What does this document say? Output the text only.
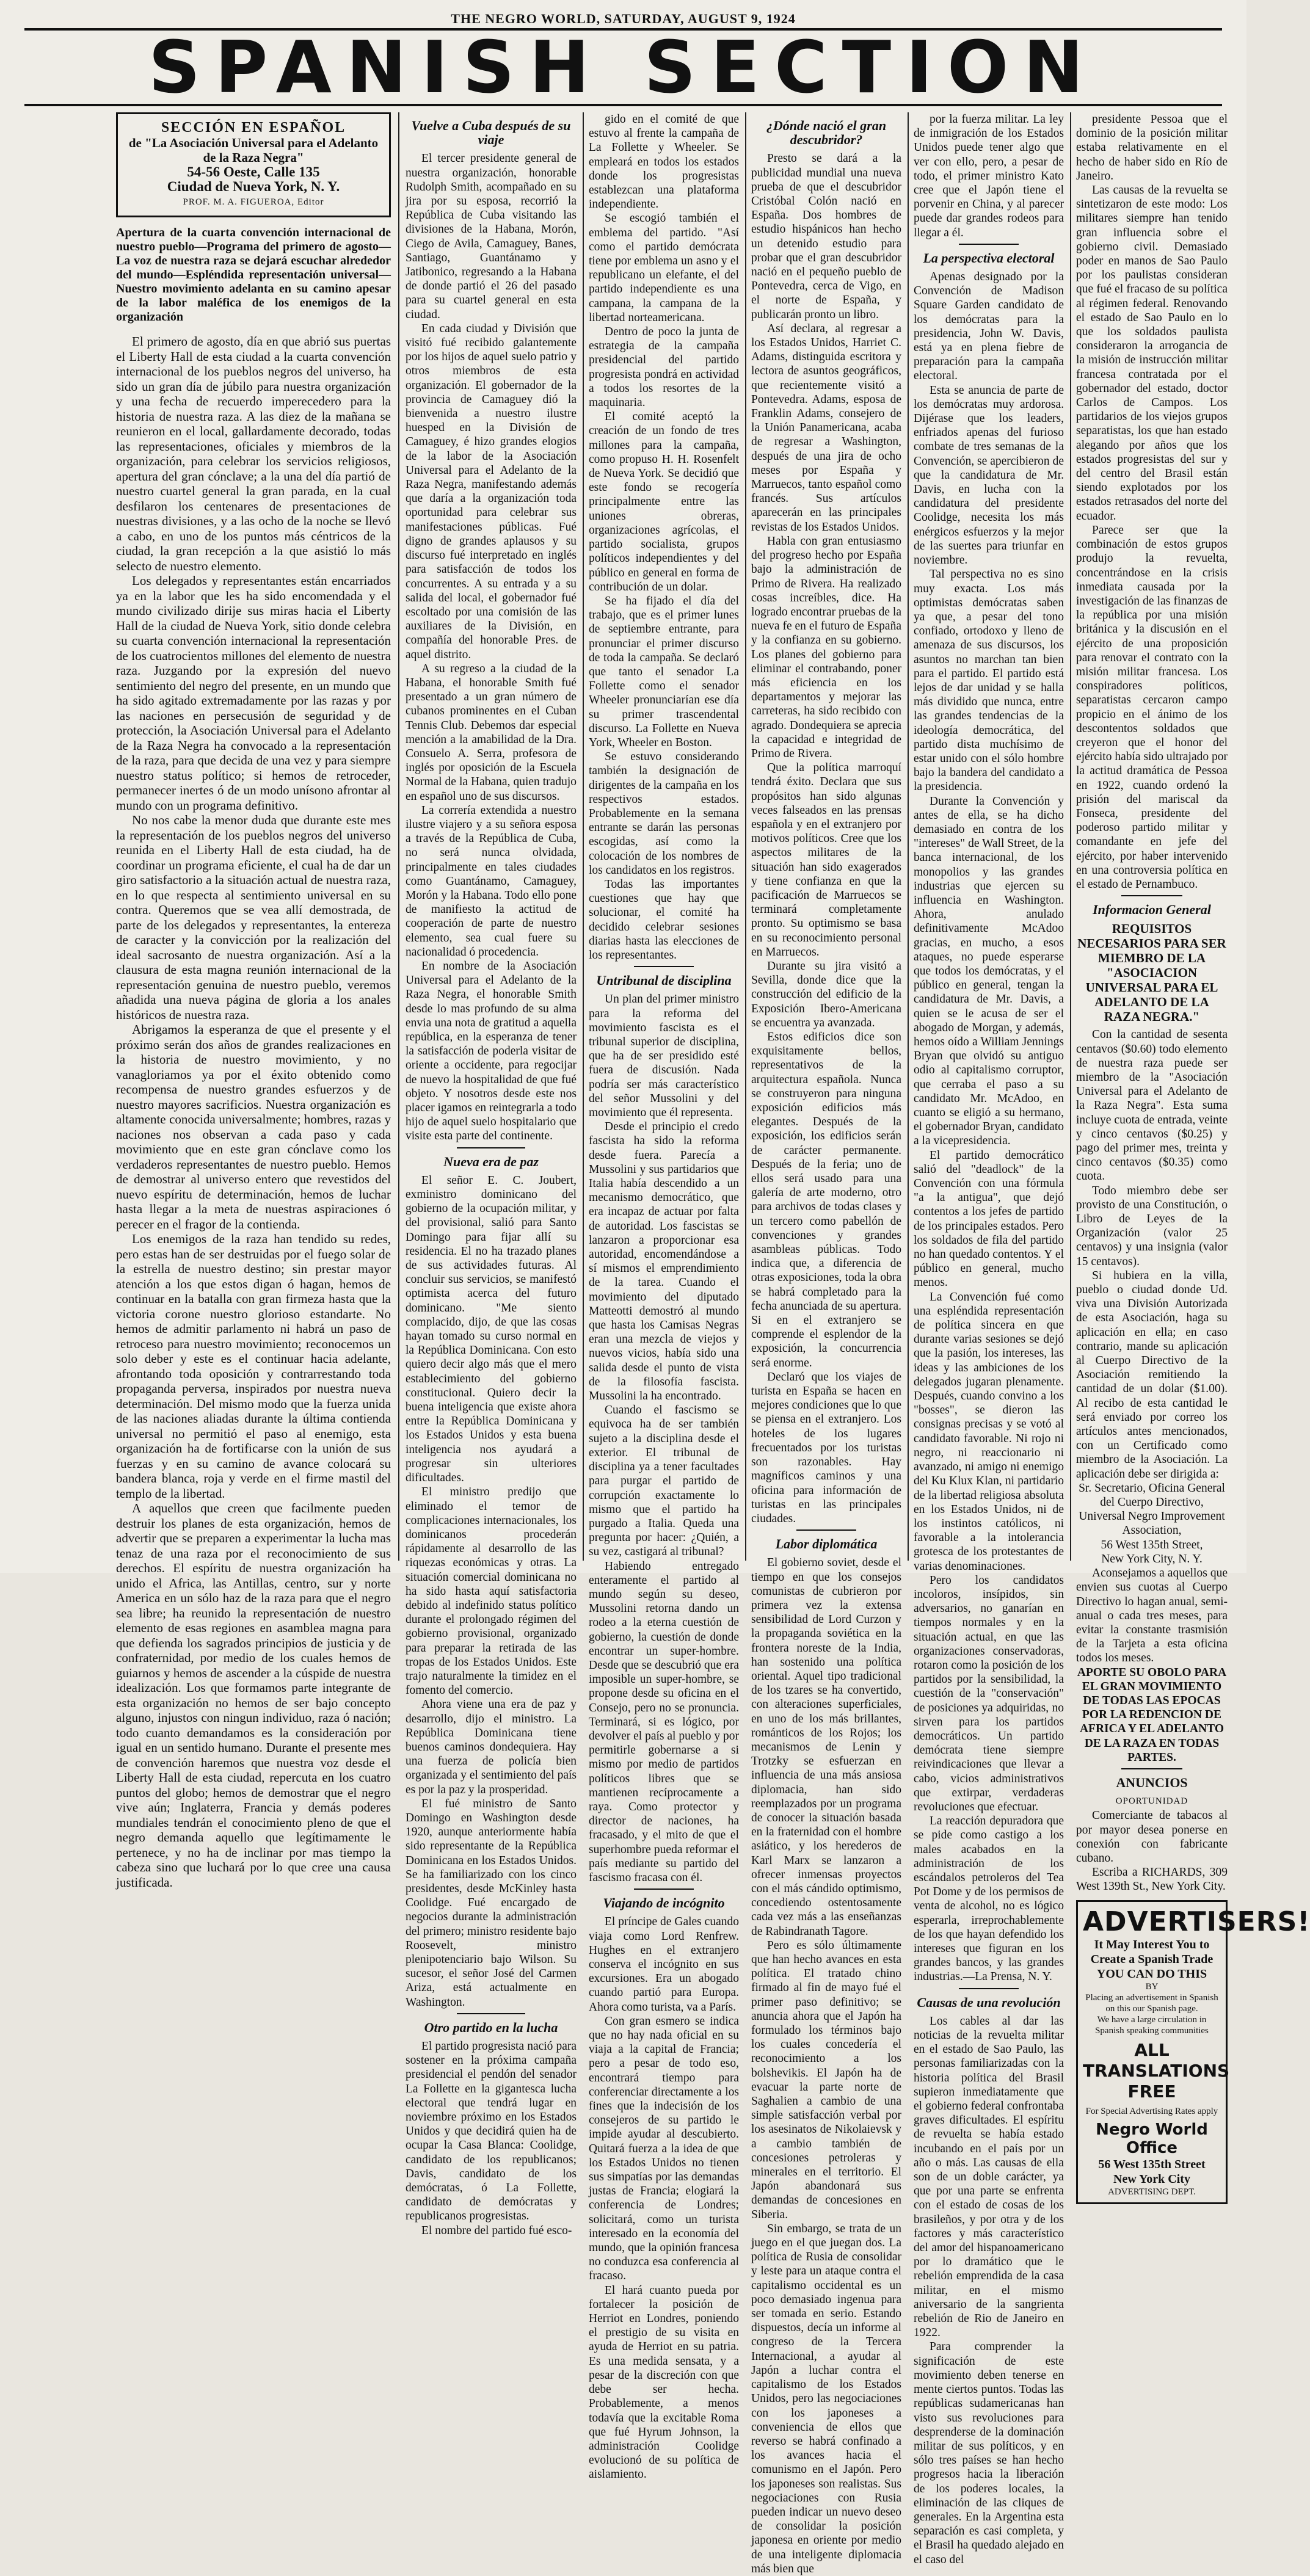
THE NEGRO WORLD, SATURDAY, AUGUST 9, 1924
SPANISH SECTION
SECCIÓN EN ESPAÑOL
de "La Asociación Universal para el Adelanto de la Raza Negra"
54-56 Oeste, Calle 135
Ciudad de Nueva York, N. Y.
PROF. M. A. FIGUEROA, Editor
Apertura de la cuarta convención internacional de nuestro pueblo—Programa del primero de agosto—La voz de nuestra raza se dejará escuchar alrededor del mundo—Espléndida representación universal—Nuestro movimiento adelanta en su camino apesar de la labor maléfica de los enemigos de la organización

El primero de agosto, día en que abrió sus puertas el Liberty Hall de esta ciudad a la cuarta convención internacional de los pueblos negros del universo, ha sido un gran día de júbilo para nuestra organización y una fecha de recuerdo imperecedero para la historia de nuestra raza. A las diez de la mañana se reunieron en el local, gallardamente decorado, todas las representaciones, oficiales y miembros de la organización, para celebrar los servicios religiosos, apertura del gran cónclave; a la una del día partió de nuestro cuartel general la gran parada, en la cual desfilaron los centenares de presentaciones de nuestras divisiones, y a las ocho de la noche se llevó a cabo, en uno de los puntos más céntricos de la ciudad, la gran recepción a la que asistió lo más selecto de nuestro elemento.

Los delegados y representantes están encarriados ya en la labor que les ha sido encomendada y el mundo civilizado dirije sus miras hacia el Liberty Hall de la ciudad de Nueva York, sitio donde celebra su cuarta convención internacional la representación de los cuatrocientos millones del elemento de nuestra raza. Juzgando por la expresión del nuevo sentimiento del negro del presente, en un mundo que ha sido agitado extremadamente por las razas y por las naciones en persecusión de seguridad y de protección, la Asociación Universal para el Adelanto de la Raza Negra ha convocado a la representación de la raza, para que decida de una vez y para siempre nuestro status político; si hemos de retroceder, permanecer inertes ó de un modo unísono afrontar al mundo con un programa definitivo.

No nos cabe la menor duda que durante este mes la representación de los pueblos negros del universo reunida en el Liberty Hall de esta ciudad, ha de coordinar un programa eficiente, el cual ha de dar un giro satisfactorio a la situación actual de nuestra raza, en lo que respecta al sentimiento universal en su contra. Queremos que se vea allí demostrada, de parte de los delegados y representantes, la entereza de caracter y la convicción por la realización del ideal sacrosanto de nuestra organización. Así a la clausura de esta magna reunión internacional de la representación genuina de nuestro pueblo, veremos añadida una nueva página de gloria a los anales históricos de nuestra raza.

Abrigamos la esperanza de que el presente y el próximo serán dos años de grandes realizaciones en la historia de nuestro movimiento, y no vanagloriamos ya por el éxito obtenido como recompensa de nuestro grandes esfuerzos y de nuestro mayores sacrificios. Nuestra organización es altamente conocida universalmente; hombres, razas y naciones nos observan a cada paso y cada movimiento que en este gran cónclave como los verdaderos representantes de nuestro pueblo. Hemos de demostrar al universo entero que revestidos del nuevo espíritu de determinación, hemos de luchar hasta llegar a la meta de nuestras aspiraciones ó perecer en el fragor de la contienda.

Los enemigos de la raza han tendido su redes, pero estas han de ser destruidas por el fuego solar de la estrella de nuestro destino; sin prestar mayor atención a los que estos digan ó hagan, hemos de continuar en la batalla con gran firmeza hasta que la victoria corone nuestro glorioso estandarte. No hemos de admitir parlamento ni habrá un paso de retroceso para nuestro movimiento; reconocemos un solo deber y este es el continuar hacia adelante, afrontando toda oposición y contrarrestando toda propaganda perversa, inspirados por nuestra nueva determinación. Del mismo modo que la fuerza unida de las naciones aliadas durante la última contienda universal no permitió el paso al enemigo, esta organización ha de fortificarse con la unión de sus fuerzas y en su camino de avance colocará su bandera blanca, roja y verde en el firme mastil del templo de la libertad.

A aquellos que creen que facilmente pueden destruir los planes de esta organización, hemos de advertir que se preparen a experimentar la lucha mas tenaz de una raza por el reconocimiento de sus derechos. El espíritu de nuestra organización ha unido el Africa, las Antillas, centro, sur y norte America en un sólo haz de la raza para que el negro sea libre; ha reunido la representación de nuestro elemento de esas regiones en asamblea magna para que defienda los sagrados principios de justicia y de confraternidad, por medio de los cuales hemos de guiarnos y hemos de ascender a la cúspide de nuestra idealización. Los que formamos parte integrante de esta organización no hemos de ser bajo concepto alguno, injustos con ningun individuo, raza ó nación; todo cuanto demandamos es la consideración por igual en un sentido humano. Durante el presente mes de convención haremos que nuestra voz desde el Liberty Hall de esta ciudad, repercuta en los cuatro puntos del globo; hemos de demostrar que el negro vive aún; Inglaterra, Francia y demás poderes mundiales tendrán el conocimiento pleno de que el negro demanda aquello que legítimamente le pertenece, y no ha de inclinar por mas tiempo la cabeza sino que luchará por lo que cree una causa justificada.

Vuelve a Cuba después de su viaje

El tercer presidente general de nuestra organización, honorable Rudolph Smith, acompañado en su jira por su esposa, recorrió la República de Cuba visitando las divisiones de la Habana, Morón, Ciego de Avila, Camaguey, Banes, Santiago, Guantánamo y Jatibonico, regresando a la Habana de donde partió el 26 del pasado para su cuartel general en esta ciudad.

En cada ciudad y División que visitó fué recibido galantemente por los hijos de aquel suelo patrio y otros miembros de esta organización. El gobernador de la provincia de Camaguey dió la bienvenida a nuestro ilustre huesped en la División de Camaguey, é hizo grandes elogios de la labor de la Asociación Universal para el Adelanto de la Raza Negra, manifestando además que daría a la organización toda oportunidad para celebrar sus manifestaciones públicas. Fué digno de grandes aplausos y su discurso fué interpretado en inglés para satisfacción de todos los concurrentes. A su entrada y a su salida del local, el gobernador fué escoltado por una comisión de las auxiliares de la División, en compañía del honorable Pres. de aquel distrito.

A su regreso a la ciudad de la Habana, el honorable Smith fué presentado a un gran número de cubanos prominentes en el Cuban Tennis Club. Debemos dar especial mención a la amabilidad de la Dra. Consuelo A. Serra, profesora de inglés por oposición de la Escuela Normal de la Habana, quien tradujo en español uno de sus discursos.

La correría extendida a nuestro ilustre viajero y a su señora esposa a través de la República de Cuba, no será nunca olvidada, principalmente en tales ciudades como Guantánamo, Camaguey, Morón y la Habana. Todo ello pone de manifiesto la actitud de cooperación de parte de nuestro elemento, sea cual fuere su nacionalidad ó procedencia.

En nombre de la Asociación Universal para el Adelanto de la Raza Negra, el honorable Smith desde lo mas profundo de su alma envia una nota de gratitud a aquella república, en la esperanza de tener la satisfacción de poderla visitar de oriente a occidente, para regocijar de nuevo la hospitalidad de que fué objeto. Y nosotros desde este nos placer igamos en reintegrarla a todo hijo de aquel suelo hospitalario que visite esta parte del continente.

Nueva era de paz

El señor E. C. Joubert, exministro dominicano del gobierno de la ocupación militar, y del provisional, salió para Santo Domingo para fijar allí su residencia. El no ha trazado planes de sus actividades futuras. Al concluir sus servicios, se manifestó optimista acerca del futuro dominicano. "Me siento complacido, dijo, de que las cosas hayan tomado su curso normal en la República Dominicana. Con esto quiero decir algo más que el mero establecimiento del gobierno constitucional. Quiero decir la buena inteligencia que existe ahora entre la República Dominicana y los Estados Unidos y esta buena inteligencia nos ayudará a progresar sin ulteriores dificultades.

El ministro predijo que eliminado el temor de complicaciones internacionales, los dominicanos procederán rápidamente al desarrollo de las riquezas económicas y otras. La situación comercial dominicana no ha sido hasta aquí satisfactoria debido al indefinido status político durante el prolongado régimen del gobierno provisional, organizado para preparar la retirada de las tropas de los Estados Unidos. Este trajo naturalmente la timidez en el fomento del comercio.

Ahora viene una era de paz y desarrollo, dijo el ministro. La República Dominicana tiene buenos caminos dondequiera. Hay una fuerza de policía bien organizada y el sentimiento del país es por la paz y la prosperidad.

El fué ministro de Santo Domingo en Washington desde 1920, aunque anteriormente había sido representante de la República Dominicana en los Estados Unidos. Se ha familiarizado con los cinco presidentes, desde McKinley hasta Coolidge. Fué encargado de negocios durante la administración del primero; ministro residente bajo Roosevelt, ministro plenipotenciario bajo Wilson. Su sucesor, el señor José del Carmen Ariza, está actualmente en Washington.

Otro partido en la lucha

El partido progresista nació para sostener en la próxima campaña presidencial el pendón del senador La Follette en la gigantesca lucha electoral que tendrá lugar en noviembre próximo en los Estados Unidos y que decidirá quien ha de ocupar la Casa Blanca: Coolidge, candidato de los republicanos; Davis, candidato de los demócratas, ó La Follette, candidato de demócratas y republicanos progresistas.

El nombre del partido fué esco-

gido en el comité de que estuvo al frente la campaña de La Follette y Wheeler. Se empleará en todos los estados donde los progresistas establezcan una plataforma independiente.

Se escogió también el emblema del partido. "Así como el partido demócrata tiene por emblema un asno y el republicano un elefante, el del partido independiente es una campana, la campana de la libertad norteamericana.

Dentro de poco la junta de estrategia de la campaña presidencial del partido progresista pondrá en actividad a todos los resortes de la maquinaria.

El comité aceptó la creación de un fondo de tres millones para la campaña, como propuso H. H. Rosenfelt de Nueva York. Se decidió que este fondo se recogería principalmente entre las uniones obreras, organizaciones agrícolas, el partido socialista, grupos políticos independientes y del público en general en forma de contribución de un dolar.

Se ha fijado el día del trabajo, que es el primer lunes de septiembre entrante, para pronunciar el primer discurso de toda la campaña. Se declaró que tanto el senador La Follette como el senador Wheeler pronunciarían ese día su primer trascendental discurso. La Follette en Nueva York, Wheeler en Boston.

Se estuvo considerando también la designación de dirigentes de la campaña en los respectivos estados. Probablemente en la semana entrante se darán las personas escogidas, así como la colocación de los nombres de los candidatos en los registros.

Todas las importantes cuestiones que hay que solucionar, el comité ha decidido celebrar sesiones diarias hasta las elecciones de los representantes.

Untribunal de disciplina

Un plan del primer ministro para la reforma del movimiento fascista es el tribunal superior de disciplina, que ha de ser presidido esté fuera de discusión. Nada podría ser más característico del señor Mussolini y del movimiento que él representa.

Desde el principio el credo fascista ha sido la reforma desde fuera. Parecía a Mussolini y sus partidarios que Italia había descendido a un mecanismo democrático, que era incapaz de actuar por falta de autoridad. Los fascistas se lanzaron a proporcionar esa autoridad, encomendándose a sí mismos el emprendimiento de la tarea. Cuando el movimiento del diputado Matteotti demostró al mundo que hasta los Camisas Negras eran una mezcla de viejos y nuevos vicios, había sido una salida desde el punto de vista de la filosofía fascista. Mussolini la ha encontrado.

Cuando el fascismo se equivoca ha de ser también sujeto a la disciplina desde el exterior. El tribunal de disciplina ya a tener facultades para purgar el partido de corrupción exactamente lo mismo que el partido ha purgado a Italia. Queda una pregunta por hacer: ¿Quién, a su vez, castigará al tribunal?

Habiendo entregado enteramente el partido al mundo según su deseo, Mussolini retorna dando un rodeo a la eterna cuestión de gobierno, la cuestión de donde encontrar un super-hombre. Desde que se descubrió que era imposible un super-hombre, se propone desde su oficina en el Consejo, pero no se pronuncia. Terminará, si es lógico, por devolver el país al pueblo y por permitirle gobernarse a si mismo por medio de partidos políticos libres que se mantienen recíprocamente a raya. Como protector y director de naciones, ha fracasado, y el mito de que el superhombre pueda reformar el país mediante su partido del fascismo fracasa con él.

Viajando de incógnito

El príncipe de Gales cuando viaja como Lord Renfrew. Hughes en el extranjero conserva el incógnito en sus excursiones. Era un abogado cuando partió para Europa. Ahora como turista, va a París.

Con gran esmero se indica que no hay nada oficial en su viaja a la capital de Francia; pero a pesar de todo eso, encontrará tiempo para conferenciar directamente a los fines que la indecisión de los consejeros de su partido le impide ayudar al descubierto. Quitará fuerza a la idea de que los Estados Unidos no tienen sus simpatías por las demandas justas de Francia; elogiará la conferencia de Londres; solicitará, como un turista interesado en la economía del mundo, que la opinión francesa no conduzca esa conferencia al fracaso.

El hará cuanto pueda por fortalecer la posición de Herriot en Londres, poniendo el prestigio de su visita en ayuda de Herriot en su patria. Es una medida sensata, y a pesar de la discreción con que debe ser hecha. Probablemente, a menos todavía que la excitable Roma que fué Hyrum Johnson, la administración Coolidge evolucionó de su política de aislamiento.

¿Dónde nació el gran descubridor?

Presto se dará a la publicidad mundial una nueva prueba de que el descubridor Cristóbal Colón nació en España. Dos hombres de estudio hispánicos han hecho un detenido estudio para probar que el gran descubridor nació en el pequeño pueblo de Pontevedra, cerca de Vigo, en el norte de España, y publicarán pronto un libro.

Así declara, al regresar a los Estados Unidos, Harriet C. Adams, distinguida escritora y lectora de asuntos geográficos, que recientemente visitó a Pontevedra. Adams, esposa de Franklin Adams, consejero de la Unión Panamericana, acaba de regresar a Washington, después de una jira de ocho meses por España y Marruecos, tanto español como francés. Sus artículos aparecerán en las principales revistas de los Estados Unidos.

Habla con gran entusiasmo del progreso hecho por España bajo la administración de Primo de Rivera. Ha realizado cosas increíbles, dice. Ha logrado encontrar pruebas de la nueva fe en el futuro de España y la confianza en su gobierno. Los planes del gobierno para eliminar el contrabando, poner más eficiencia en los departamentos y mejorar las carreteras, ha sido recibido con agrado. Dondequiera se aprecia la capacidad e integridad de Primo de Rivera.

Que la política marroquí tendrá éxito. Declara que sus propósitos han sido algunas veces falseados en las prensas española y en el extranjero por motivos políticos. Cree que los aspectos militares de la situación han sido exagerados y tiene confianza en que la pacificación de Marruecos se terminará completamente pronto. Su optimismo se basa en su reconocimiento personal en Marruecos.

Durante su jira visitó a Sevilla, donde dice que la construcción del edificio de la Exposición Ibero-Americana se encuentra ya avanzada.

Estos edificios dice son exquisitamente bellos, representativos de la arquitectura española. Nunca se construyeron para ninguna exposición edificios más elegantes. Después de la exposición, los edificios serán de carácter permanente. Después de la feria; uno de ellos será usado para una galería de arte moderno, otro para archivos de todas clases y un tercero como pabellón de convenciones y grandes asambleas públicas. Todo indica que, a diferencia de otras exposiciones, toda la obra se habrá completado para la fecha anunciada de su apertura. Si en el extranjero se comprende el esplendor de la exposición, la concurrencia será enorme.

Declaró que los viajes de turista en España se hacen en mejores condiciones que lo que se piensa en el extranjero. Los hoteles de los lugares frecuentados por los turistas son razonables. Hay magníficos caminos y una oficina para información de turistas en las principales ciudades.

Labor diplomática

El gobierno soviet, desde el tiempo en que los consejos comunistas de cubrieron por primera vez la extensa sensibilidad de Lord Curzon y la propaganda soviética en la frontera noreste de la India, han sostenido una política oriental. Aquel tipo tradicional de los tzares se ha convertido, con alteraciones superficiales, en uno de los más brillantes, románticos de los Rojos; los mecanismos de Lenin y Trotzky se esfuerzan en influencia de una más ansiosa diplomacia, han sido reemplazados por un programa de conocer la situación basada en la fraternidad con el hombre asiático, y los herederos de Karl Marx se lanzaron a ofrecer inmensas proyectos con el más cándido optimismo, concediendo ostentosamente cada vez más a las enseñanzas de Rabindranath Tagore.

Pero es sólo últimamente que han hecho avances en esta política. El tratado chino firmado al fin de mayo fué el primer paso definitivo; se anuncia ahora que el Japón ha formulado los términos bajo los cuales concedería el reconocimiento a los bolshevikis. El Japón ha de evacuar la parte norte de Saghalien a cambio de una simple satisfacción verbal por los asesinatos de Nikolaievsk y a cambio también de concesiones petroleras y minerales en el territorio. El Japón abandonará sus demandas de concesiones en Siberia.

Sin embargo, se trata de un juego en el que juegan dos. La política de Rusia de consolidar y leste para un ataque contra el capitalismo occidental es un poco demasiado ingenua para ser tomada en serio. Estando dispuestos, decía un informe al congreso de la Tercera Internacional, a ayudar al Japón a luchar contra el capitalismo de los Estados Unidos, pero las negociaciones con los japoneses a conveniencia de ellos que reverso se habrá confinado a los avances hacia el comunismo en el Japón. Pero los japoneses son realistas. Sus negociaciones con Rusia pueden indicar un nuevo deseo de consolidar la posición japonesa en oriente por medio de una inteligente diplomacia más bien que

por la fuerza militar. La ley de inmigración de los Estados Unidos puede tener algo que ver con ello, pero, a pesar de todo, el primer ministro Kato cree que el Japón tiene el porvenir en China, y al parecer puede dar grandes rodeos para llegar a él.

La perspectiva electoral

Apenas designado por la Convención de Madison Square Garden candidato de los demócratas para la presidencia, John W. Davis, está ya en plena fiebre de preparación para la campaña electoral.

Esta se anuncia de parte de los demócratas muy ardorosa. Dijérase que los leaders, enfriados apenas del furioso combate de tres semanas de la Convención, se apercibieron de que la candidatura de Mr. Davis, en lucha con la candidatura del presidente Coolidge, necesita los más enérgicos esfuerzos y la mejor de las suertes para triunfar en noviembre.

Tal perspectiva no es sino muy exacta. Los más optimistas demócratas saben ya que, a pesar del tono confiado, ortodoxo y lleno de amenaza de sus discursos, los asuntos no marchan tan bien para el partido. El partido está lejos de dar unidad y se halla más dividido que nunca, entre las grandes tendencias de la ideología democrática, del partido dista muchísimo de estar unido con el sólo hombre bajo la bandera del candidato a la presidencia.

Durante la Convención y antes de ella, se ha dicho demasiado en contra de los "intereses" de Wall Street, de la banca internacional, de los monopolios y las grandes industrias que ejercen su influencia en Washington. Ahora, anulado definitivamente McAdoo gracias, en mucho, a esos ataques, no puede esperarse que todos los demócratas, y el público en general, tengan la candidatura de Mr. Davis, a quien se le acusa de ser el abogado de Morgan, y además, hemos oído a William Jennings Bryan que olvidó su antiguo odio al capitalismo corruptor, que cerraba el paso a su candidato Mr. McAdoo, en cuanto se eligió a su hermano, el gobernador Bryan, candidato a la vicepresidencia.

El partido democrático salió del "deadlock" de la Convención con una fórmula "a la antigua", que dejó contentos a los jefes de partido de los principales estados. Pero los soldados de fila del partido no han quedado contentos. Y el público en general, mucho menos.

La Convención fué como una espléndida representación de política sincera en que durante varias sesiones se dejó que la pasión, los intereses, las ideas y las ambiciones de los delegados jugaran plenamente. Después, cuando convino a los "bosses", se dieron las consignas precisas y se votó al candidato favorable. Ni rojo ni negro, ni reaccionario ni avanzado, ni amigo ni enemigo del Ku Klux Klan, ni partidario de la libertad religiosa absoluta en los Estados Unidos, ni de los instintos católicos, ni favorable a la intolerancia grotesca de los protestantes de varias denominaciones.

Pero los candidatos incoloros, insípidos, sin adversarios, no ganarían en tiempos normales y en la situación actual, en que las organizaciones conservadoras, rotaron como la posición de los partidos por la sensibilidad, la cuestión de la "conservación" de posiciones ya adquiridas, no sirven para los partidos democráticos. Un partido demócrata tiene siempre reivindicaciones que llevar a cabo, vicios administrativos que extirpar, verdaderas revoluciones que efectuar.

La reacción depuradora que se pide como castigo a los males acabados en la administración de los escándalos petroleros del Tea Pot Dome y de los permisos de venta de alcohol, no es lógico esperarla, irreprochablemente de los que hayan defendido los intereses que figuran en los grandes bancos, y las grandes industrias.—La Prensa, N. Y.

Causas de una revolución

Los cables al dar las noticias de la revuelta militar en el estado de Sao Paulo, las personas familiarizadas con la historia política del Brasil supieron inmediatamente que el gobierno federal confrontaba graves dificultades. El espíritu de revuelta se había estado incubando en el país por un año o más. Las causas de ella son de un doble carácter, ya que por una parte se enfrenta con el estado de cosas de los brasileños, y por otra y de los factores y más característico del amor del hispanoamericano por lo dramático que le rebelión emprendida de la casa militar, en el mismo aniversario de la sangrienta rebelión de Rio de Janeiro en 1922.

Para comprender la significación de este movimiento deben tenerse en mente ciertos puntos. Todas las repúblicas sudamericanas han visto sus revoluciones para desprenderse de la dominación militar de sus políticos, y en sólo tres países se han hecho progresos hacia la liberación de los poderes locales, la eliminación de las cliques de generales. En la Argentina esta separación es casi completa, y el Brasil ha quedado alejado en el caso del

presidente Pessoa que el dominio de la posición militar estaba relativamente en el hecho de haber sido en Río de Janeiro.

Las causas de la revuelta se sintetizaron de este modo: Los militares siempre han tenido gran influencia sobre el gobierno civil. Demasiado poder en manos de Sao Paulo por los paulistas consideran que fué el fracaso de su política al régimen federal. Renovando el estado de Sao Paulo en lo que los soldados paulista consideraron la arrogancia de la misión de instrucción militar francesa contratada por el gobernador del estado, doctor Carlos de Campos. Los partidarios de los viejos grupos separatistas, los que han estado alegando por años que los estados progresistas del sur y del centro del Brasil están siendo explotados por los estados retrasados del norte del ecuador.

Parece ser que la combinación de estos grupos produjo la revuelta, concentrándose en la crisis inmediata causada por la investigación de las finanzas de la república por una misión británica y la discusión en el ejército de una proposición para renovar el contrato con la misión militar francesa. Los conspiradores políticos, separatistas cercaron campo propicio en el ánimo de los descontentos soldados que creyeron que el honor del ejército había sido ultrajado por la actitud dramática de Pessoa en 1922, cuando ordenó la prisión del mariscal da Fonseca, presidente del poderoso partido militar y comandante en jefe del ejército, por haber intervenido en una controversia política en el estado de Pernambuco.

Informacion General
REQUISITOS NECESARIOS PARA SER MIEMBRO DE LA "ASOCIACION UNIVERSAL PARA EL ADELANTO DE LA RAZA NEGRA."

Con la cantidad de sesenta centavos ($0.60) todo elemento de nuestra raza puede ser miembro de la "Asociación Universal para el Adelanto de la Raza Negra". Esta suma incluye cuota de entrada, veinte y cinco centavos ($0.25) y pago del primer mes, treinta y cinco centavos ($0.35) como cuota.

Todo miembro debe ser provisto de una Constitución, o Libro de Leyes de la Organización (valor 25 centavos) y una insignia (valor 15 centavos).

Si hubiera en la villa, pueblo o ciudad donde Ud. viva una División Autorizada de esta Asociación, haga su aplicación en ella; en caso contrario, mande su aplicación al Cuerpo Directivo de la Asociación remitiendo la cantidad de un dolar ($1.00). Al recibo de esta cantidad le será enviado por correo los artículos antes mencionados, con un Certificado como miembro de la Asociación. La aplicación debe ser dirigida a:

Sr. Secretario, Oficina General del Cuerpo Directivo,

Universal Negro Improvement Association,

56 West 135th Street,

New York City, N. Y.

Aconsejamos a aquellos que envien sus cuotas al Cuerpo Directivo lo hagan anual, semi-anual o cada tres meses, para evitar la constante trasmisión de la Tarjeta a esta oficina todos los meses.

APORTE SU OBOLO PARA EL GRAN MOVIMIENTO DE TODAS LAS EPOCAS POR LA REDENCION DE AFRICA Y EL ADELANTO DE LA RAZA EN TODAS PARTES.

ANUNCIOS
OPORTUNIDAD

Comerciante de tabacos al por mayor desea ponerse en conexión con fabricante cubano.

Escriba a RICHARDS, 309 West 139th St., New York City.

ADVERTISERS!
It May Interest You to Create a Spanish Trade
YOU CAN DO THIS
BY
Placing an advertisement in Spanish on this our Spanish page.
We have a large circulation in Spanish speaking communities
ALL TRANSLATIONS FREE
For Special Advertising Rates apply
Negro World Office
56 West 135th Street
New York City
ADVERTISING DEPT.
